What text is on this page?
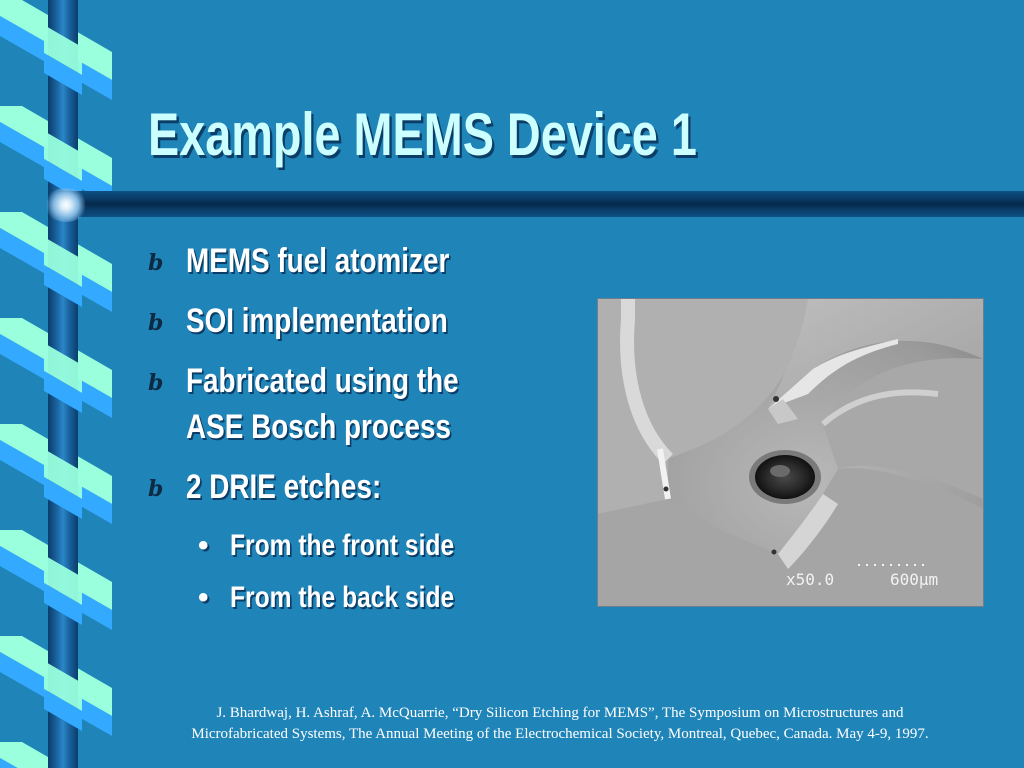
Example MEMS Device 1
b MEMS fuel atomizer
b SOI implementation
b Fabricated using the
ASE Bosch process
b 2 DRIE etches:
• From the front side
• From the back side
x50.0	600µm
J. Bhardwaj, H. Ashraf, A. McQuarrie, “Dry Silicon Etching for MEMS”, The Symposium on Microstructures and
Microfabricated Systems, The Annual Meeting of the Electrochemical Society, Montreal, Quebec, Canada. May 4-9, 1997.
